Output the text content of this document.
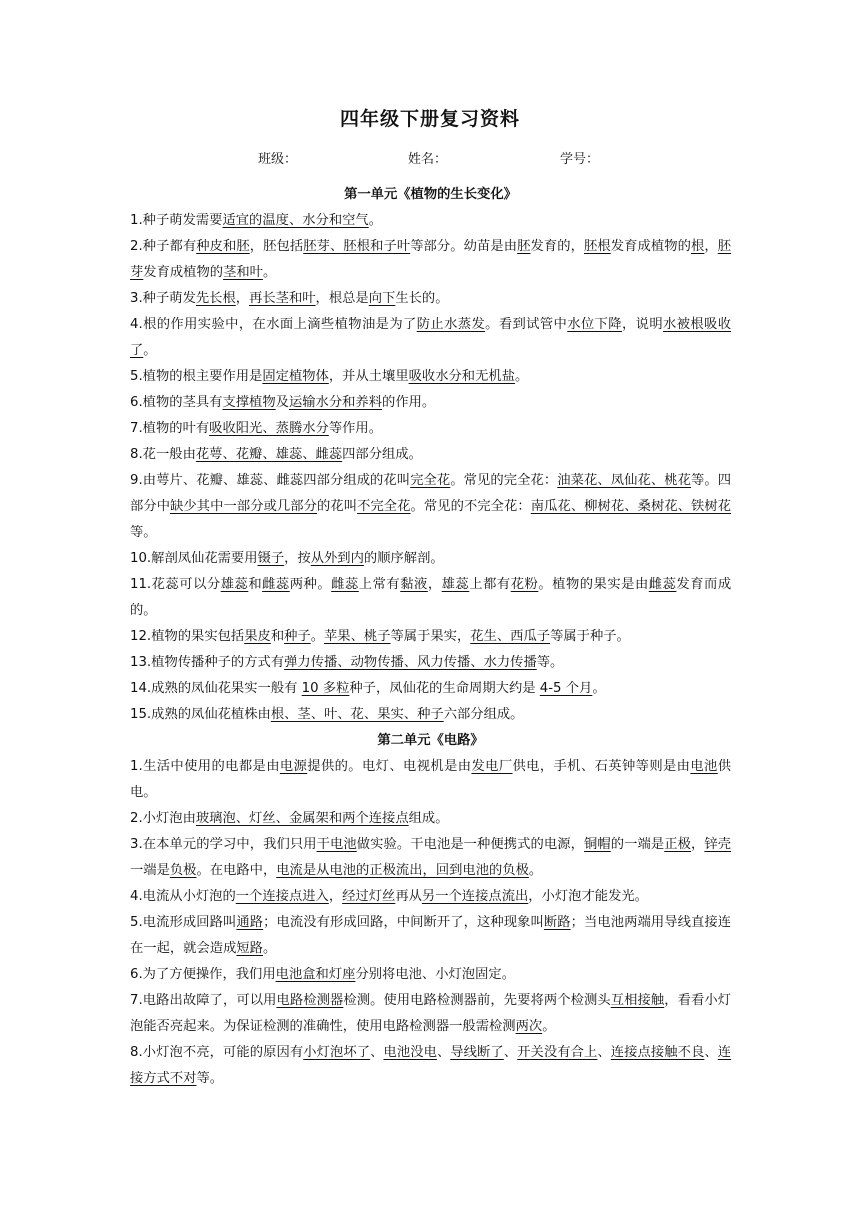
四年级下册复习资料
班级：	姓名：	学号：
第一单元《植物的生长变化》
1.种子萌发需要适宜的温度、水分和空气。
2.种子都有种皮和胚，胚包括胚芽、胚根和子叶等部分。幼苗是由胚发育的，胚根发育成植物的根，胚芽发育成植物的茎和叶。
3.种子萌发先长根，再长茎和叶，根总是向下生长的。
4.根的作用实验中，在水面上滴些植物油是为了防止水蒸发。看到试管中水位下降，说明水被根吸收了。
5.植物的根主要作用是固定植物体，并从土壤里吸收水分和无机盐。
6.植物的茎具有支撑植物及运输水分和养料的作用。
7.植物的叶有吸收阳光、蒸腾水分等作用。
8.花一般由花萼、花瓣、雄蕊、雌蕊四部分组成。
9.由萼片、花瓣、雄蕊、雌蕊四部分组成的花叫完全花。常见的完全花：油菜花、凤仙花、桃花等。四部分中缺少其中一部分或几部分的花叫不完全花。常见的不完全花：南瓜花、柳树花、桑树花、铁树花等。
10.解剖凤仙花需要用镊子，按从外到内的顺序解剖。
11.花蕊可以分雄蕊和雌蕊两种。雌蕊上常有黏液，雄蕊上都有花粉。植物的果实是由雌蕊发育而成的。
12.植物的果实包括果皮和种子。苹果、桃子等属于果实，花生、西瓜子等属于种子。
13.植物传播种子的方式有弹力传播、动物传播、风力传播、水力传播等。
14.成熟的凤仙花果实一般有 10 多粒种子，凤仙花的生命周期大约是 4-5 个月。
15.成熟的凤仙花植株由根、茎、叶、花、果实、种子六部分组成。
第二单元《电路》
1.生活中使用的电都是由电源提供的。电灯、电视机是由发电厂供电，手机、石英钟等则是由电池供电。
2.小灯泡由玻璃泡、灯丝、金属架和两个连接点组成。
3.在本单元的学习中，我们只用干电池做实验。干电池是一种便携式的电源，铜帽的一端是正极，锌壳一端是负极。在电路中，电流是从电池的正极流出，回到电池的负极。
4.电流从小灯泡的一个连接点进入，经过灯丝再从另一个连接点流出，小灯泡才能发光。
5.电流形成回路叫通路；电流没有形成回路，中间断开了，这种现象叫断路；当电池两端用导线直接连在一起，就会造成短路。
6.为了方便操作，我们用电池盒和灯座分别将电池、小灯泡固定。
7.电路出故障了，可以用电路检测器检测。使用电路检测器前，先要将两个检测头互相接触，看看小灯泡能否亮起来。为保证检测的准确性，使用电路检测器一般需检测两次。
8.小灯泡不亮，可能的原因有小灯泡坏了、电池没电、导线断了、开关没有合上、连接点接触不良、连接方式不对等。
